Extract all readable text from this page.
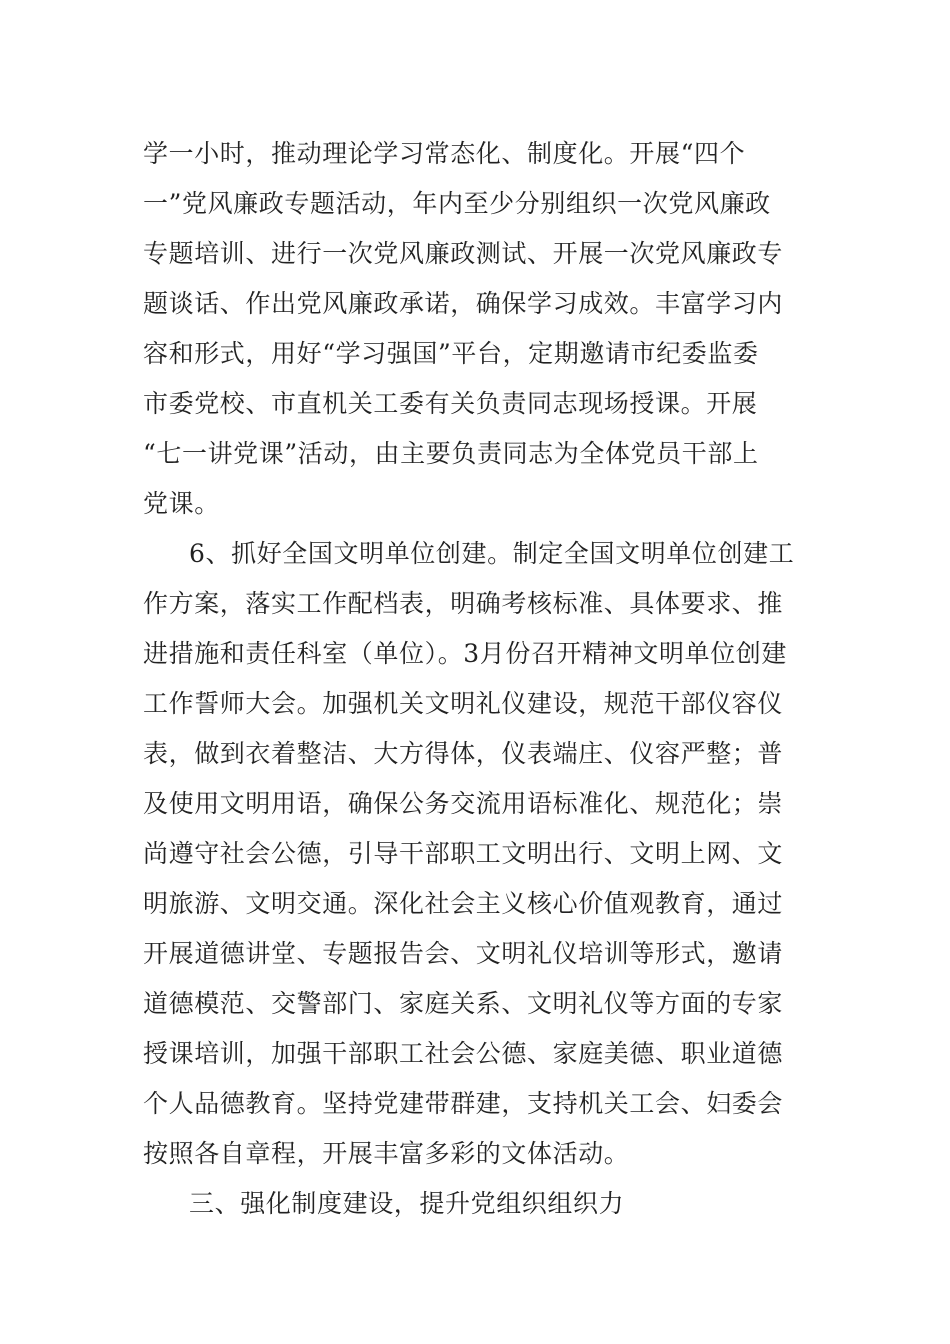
学一小时，推动理论学习常态化、制度化。开展“四个
一”党风廉政专题活动，年内至少分别组织一次党风廉政
专题培训、进行一次党风廉政测试、开展一次党风廉政专
题谈话、作出党风廉政承诺，确保学习成效。丰富学习内
容和形式，用好“学习强国”平台，定期邀请市纪委监委
市委党校、市直机关工委有关负责同志现场授课。开展
“七一讲党课”活动，由主要负责同志为全体党员干部上
党课。
6、抓好全国文明单位创建。制定全国文明单位创建工
作方案，落实工作配档表，明确考核标准、具体要求、推
进措施和责任科室（单位）。3月份召开精神文明单位创建
工作誓师大会。加强机关文明礼仪建设，规范干部仪容仪
表，做到衣着整洁、大方得体，仪表端庄、仪容严整；普
及使用文明用语，确保公务交流用语标准化、规范化；崇
尚遵守社会公德，引导干部职工文明出行、文明上网、文
明旅游、文明交通。深化社会主义核心价值观教育，通过
开展道德讲堂、专题报告会、文明礼仪培训等形式，邀请
道德模范、交警部门、家庭关系、文明礼仪等方面的专家
授课培训，加强干部职工社会公德、家庭美德、职业道德
个人品德教育。坚持党建带群建，支持机关工会、妇委会
按照各自章程，开展丰富多彩的文体活动。
三、强化制度建设，提升党组织组织力
